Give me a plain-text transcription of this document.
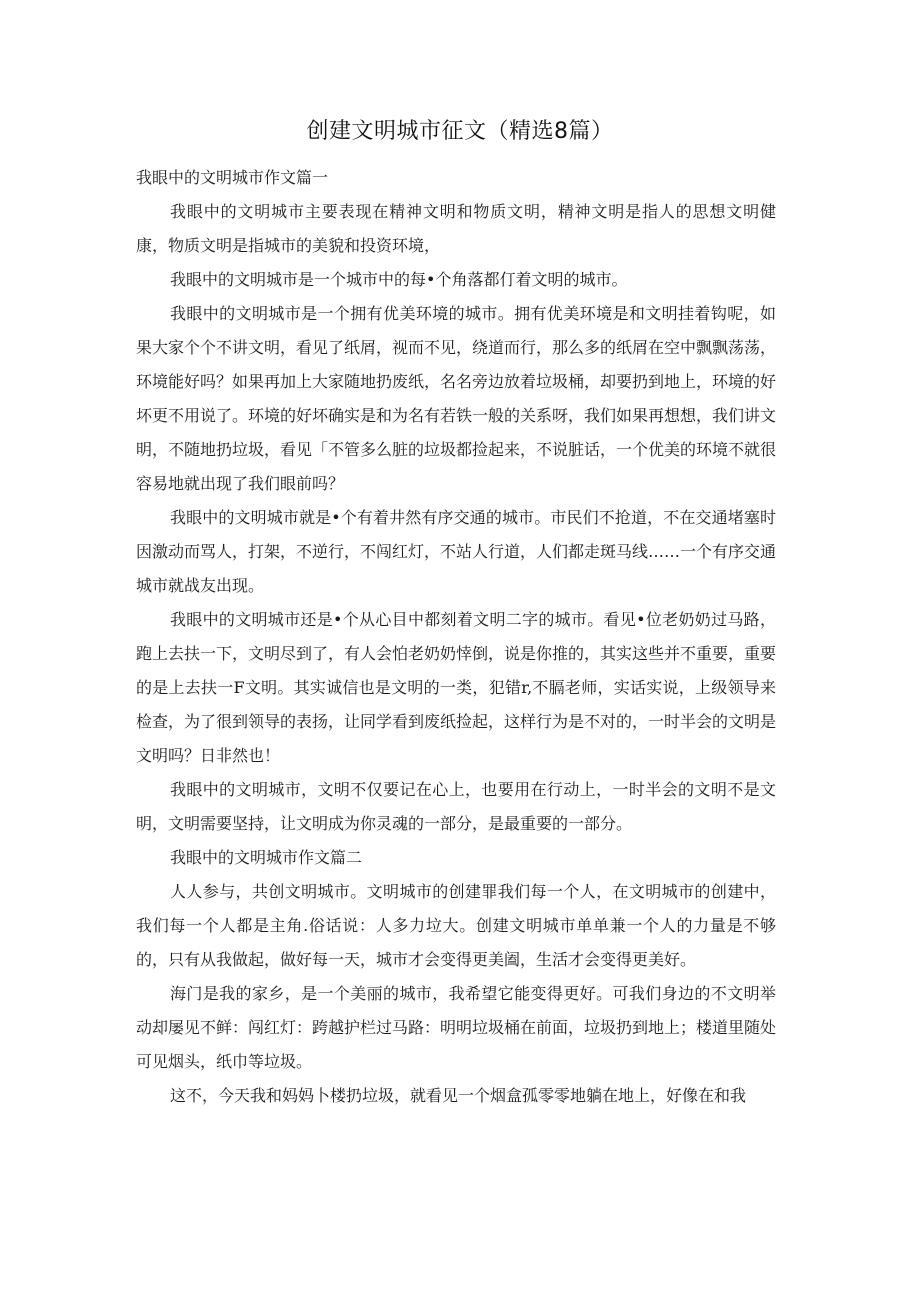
创建文明城市征文（精选8篇）

我眼中的文明城市作文篇一

我眼中的文明城市主要表现在精神文明和物质文明，精神文明是指人的思想文明健康，物质文明是指城市的美貌和投资环境，

我眼中的文明城市是一个城市中的每•个角落都仃着文明的城市。

我眼中的文明城市是一个拥有优美环境的城市。拥有优美环境是和文明挂着钩呢，如果大家个个不讲文明，看见了纸屑，视而不见，绕道而行，那么多的纸屑在空中飘飘荡荡，环境能好吗？如果再加上大家随地扔废纸，名名旁边放着垃圾桶，却要扔到地上，环境的好坏更不用说了。环境的好坏确实是和为名有若铁一般的关系呀，我们如果再想想，我们讲文明，不随地扔垃圾，看见「不管多么脏的垃圾都捡起来，不说脏话，一个优美的环境不就很容易地就出现了我们眼前吗？

我眼中的文明城市就是•个有着井然有序交通的城市。市民们不抢道，不在交通堵塞时因激动而骂人，打架，不逆行，不闯红灯，不站人行道，人们都走斑马线……一个有序交通城市就战友出现。

我眼中的文明城市还是•个从心目中都刻着文明二字的城市。看见•位老奶奶过马路，跑上去扶一下，文明尽到了，有人会怕老奶奶悻倒，说是你推的，其实这些并不重要，重要的是上去扶一F文明。其实诚信也是文明的一类，犯错r,不膈老师，实话实说，上级领导来检查，为了很到领导的表扬，让同学看到废纸捡起，这样行为是不对的，一时半会的文明是文明吗？日非然也！

我眼中的文明城市，文明不仅要记在心上，也要用在行动上，一时半会的文明不是文明，文明需要坚持，让文明成为你灵魂的一部分，是最重要的一部分。

我眼中的文明城市作文篇二

人人参与，共创文明城市。文明城市的创建罪我们每一个人，在文明城市的创建中，我们每一个人都是主角.俗话说：人多力垃大。创建文明城市单单兼一个人的力量是不够的，只有从我做起，做好每一天，城市才会变得更美阖，生活才会变得更美好。

海门是我的家乡，是一个美丽的城市，我希望它能变得更好。可我们身边的不文明举动却屡见不鲜：闯红灯：跨越护栏过马路：明明垃圾桶在前面，垃圾扔到地上；楼道里随处可见烟头，纸巾等垃圾。

这不，今天我和妈妈卜楼扔垃圾，就看见一个烟盒孤零零地躺在地上，好像在和我
